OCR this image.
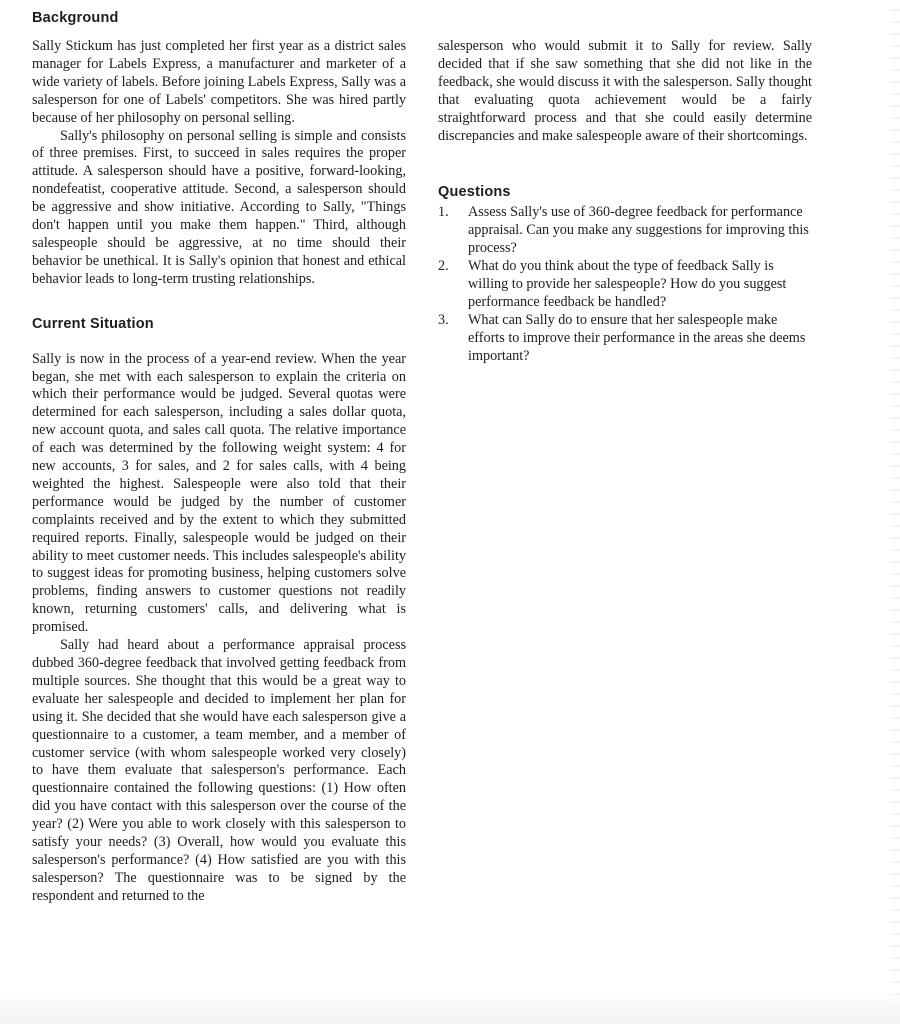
Background

Sally Stickum has just completed her first year as a district sales manager for Labels Express, a manufacturer and marketer of a wide variety of labels. Before joining Labels Express, Sally was a salesperson for one of Labels' competitors. She was hired partly because of her philosophy on personal selling.

Sally's philosophy on personal selling is simple and consists of three premises. First, to succeed in sales requires the proper attitude. A salesperson should have a positive, forward-looking, nondefeatist, cooperative attitude. Second, a salesperson should be aggressive and show initiative. According to Sally, "Things don't happen until you make them happen." Third, although salespeople should be aggressive, at no time should their behavior be unethical. It is Sally's opinion that honest and ethical behavior leads to long-term trusting relationships.

Current Situation

Sally is now in the process of a year-end review. When the year began, she met with each salesperson to explain the criteria on which their performance would be judged. Several quotas were determined for each salesperson, including a sales dollar quota, new account quota, and sales call quota. The relative importance of each was determined by the following weight system: 4 for new accounts, 3 for sales, and 2 for sales calls, with 4 being weighted the highest. Salespeople were also told that their performance would be judged by the number of customer complaints received and by the extent to which they submitted required reports. Finally, salespeople would be judged on their ability to meet customer needs. This includes salespeople's ability to suggest ideas for promoting business, helping customers solve problems, finding answers to customer questions not readily known, returning customers' calls, and delivering what is promised.

Sally had heard about a performance appraisal process dubbed 360-degree feedback that involved getting feedback from multiple sources. She thought that this would be a great way to evaluate her salespeople and decided to implement her plan for using it. She decided that she would have each salesperson give a questionnaire to a customer, a team member, and a member of customer service (with whom salespeople worked very closely) to have them evaluate that salesperson's performance. Each questionnaire contained the following questions: (1) How often did you have contact with this salesperson over the course of the year? (2) Were you able to work closely with this salesperson to satisfy your needs? (3) Overall, how would you evaluate this salesperson's performance? (4) How satisfied are you with this salesperson? The questionnaire was to be signed by the respondent and returned to the

salesperson who would submit it to Sally for review. Sally decided that if she saw something that she did not like in the feedback, she would discuss it with the salesperson. Sally thought that evaluating quota achievement would be a fairly straightforward process and that she could easily determine discrepancies and make salespeople aware of their shortcomings.

Questions
1.	Assess Sally's use of 360-degree feedback for performance appraisal. Can you make any suggestions for improving this process?
2.	What do you think about the type of feedback Sally is willing to provide her salespeople? How do you suggest performance feedback be handled?
3.	What can Sally do to ensure that her salespeople make efforts to improve their performance in the areas she deems important?
